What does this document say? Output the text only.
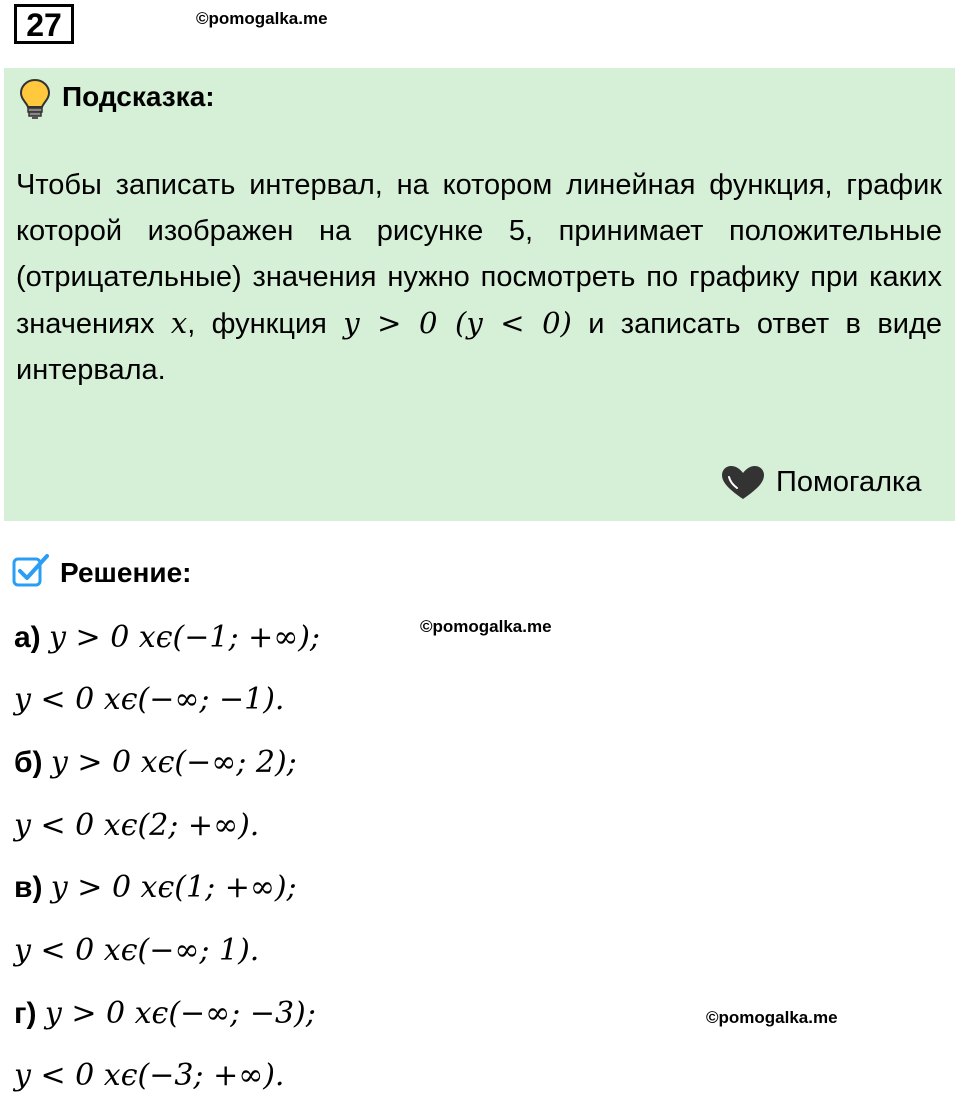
27	©pomogalka.me
Подсказка:
Чтобы записать интервал, на котором линейная функция, график которой изображен на рисунке 5, принимает положительные (отрицательные) значения нужно посмотреть по графику при каких значениях x, функция y > 0 (y < 0) и записать ответ в виде интервала.
Помогалка
Решение:
а) y > 0 xϵ(−1; +∞);	©pomogalka.me
y < 0 xϵ(−∞; −1).
б) y > 0 xϵ(−∞; 2);
y < 0 xϵ(2; +∞).
в) y > 0 xϵ(1; +∞);
y < 0 xϵ(−∞; 1).
г) y > 0 xϵ(−∞; −3);	©pomogalka.me
y < 0 xϵ(−3; +∞).
